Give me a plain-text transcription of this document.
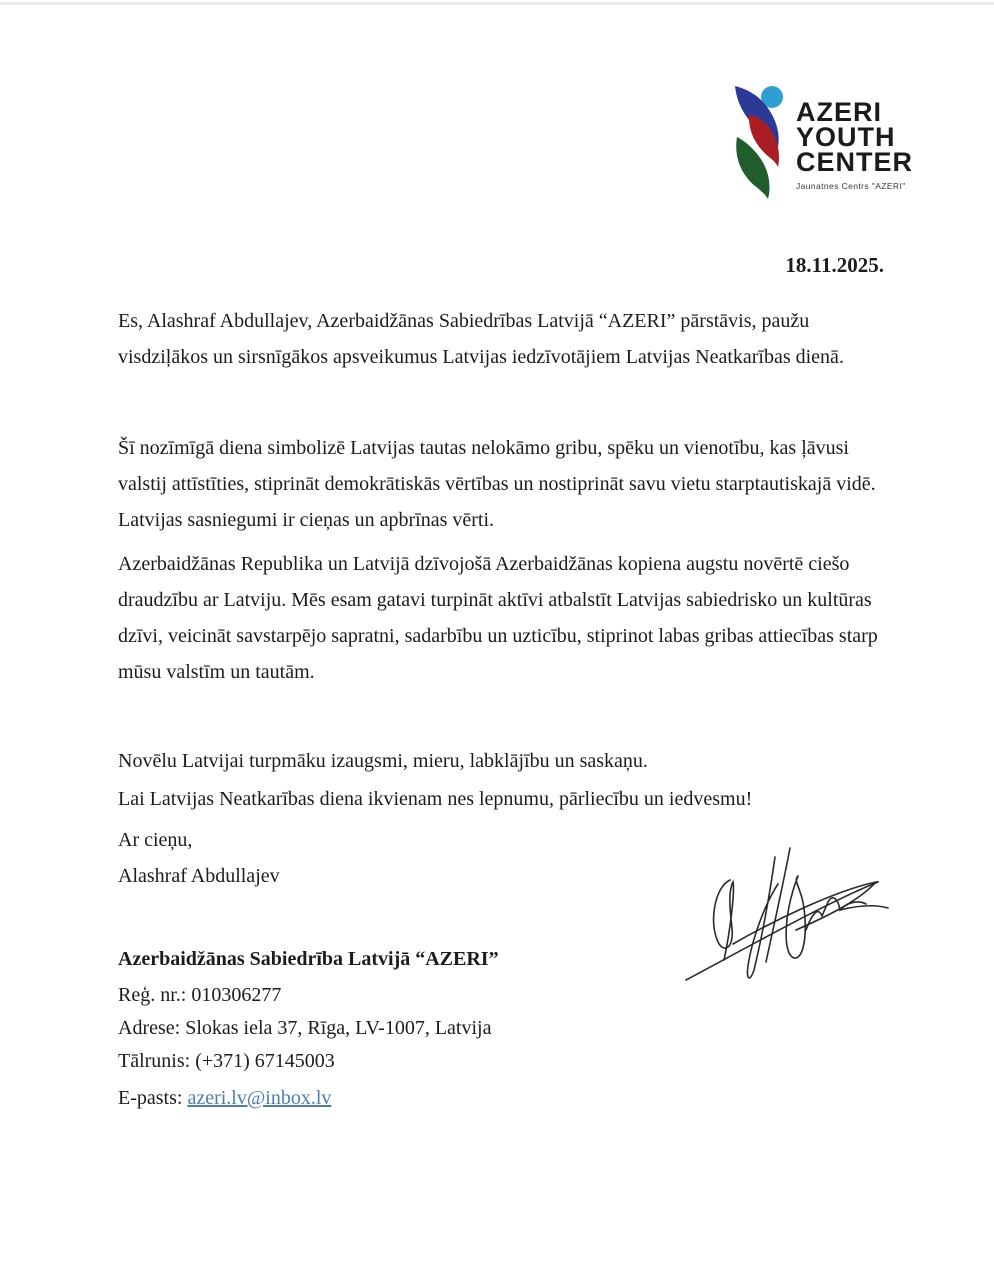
AZERI
YOUTH
CENTER
Jaunatnes Centrs "AZERI"
18.11.2025.
Es, Alashraf Abdullajev, Azerbaidžānas Sabiedrības Latvijā “AZERI” pārstāvis, paužu visdziļākos un sirsnīgākos apsveikumus Latvijas iedzīvotājiem Latvijas Neatkarības dienā.
Šī nozīmīgā diena simbolizē Latvijas tautas nelokāmo gribu, spēku un vienotību, kas ļāvusi valstij attīstīties, stiprināt demokrātiskās vērtības un nostiprināt savu vietu starptautiskajā vidē. Latvijas sasniegumi ir cieņas un apbrīnas vērti.
Azerbaidžānas Republika un Latvijā dzīvojošā Azerbaidžānas kopiena augstu novērtē ciešo draudzību ar Latviju. Mēs esam gatavi turpināt aktīvi atbalstīt Latvijas sabiedrisko un kultūras dzīvi, veicināt savstarpējo sapratni, sadarbību un uzticību, stiprinot labas gribas attiecības starp mūsu valstīm un tautām.
Novēlu Latvijai turpmāku izaugsmi, mieru, labklājību un saskaņu.
Lai Latvijas Neatkarības diena ikvienam nes lepnumu, pārliecību un iedvesmu!
Ar cieņu,
Alashraf Abdullajev
Azerbaidžānas Sabiedrība Latvijā “AZERI”
Reģ. nr.: 010306277
Adrese: Slokas iela 37, Rīga, LV-1007, Latvija
Tālrunis: (+371) 67145003
E-pasts: azeri.lv@inbox.lv
